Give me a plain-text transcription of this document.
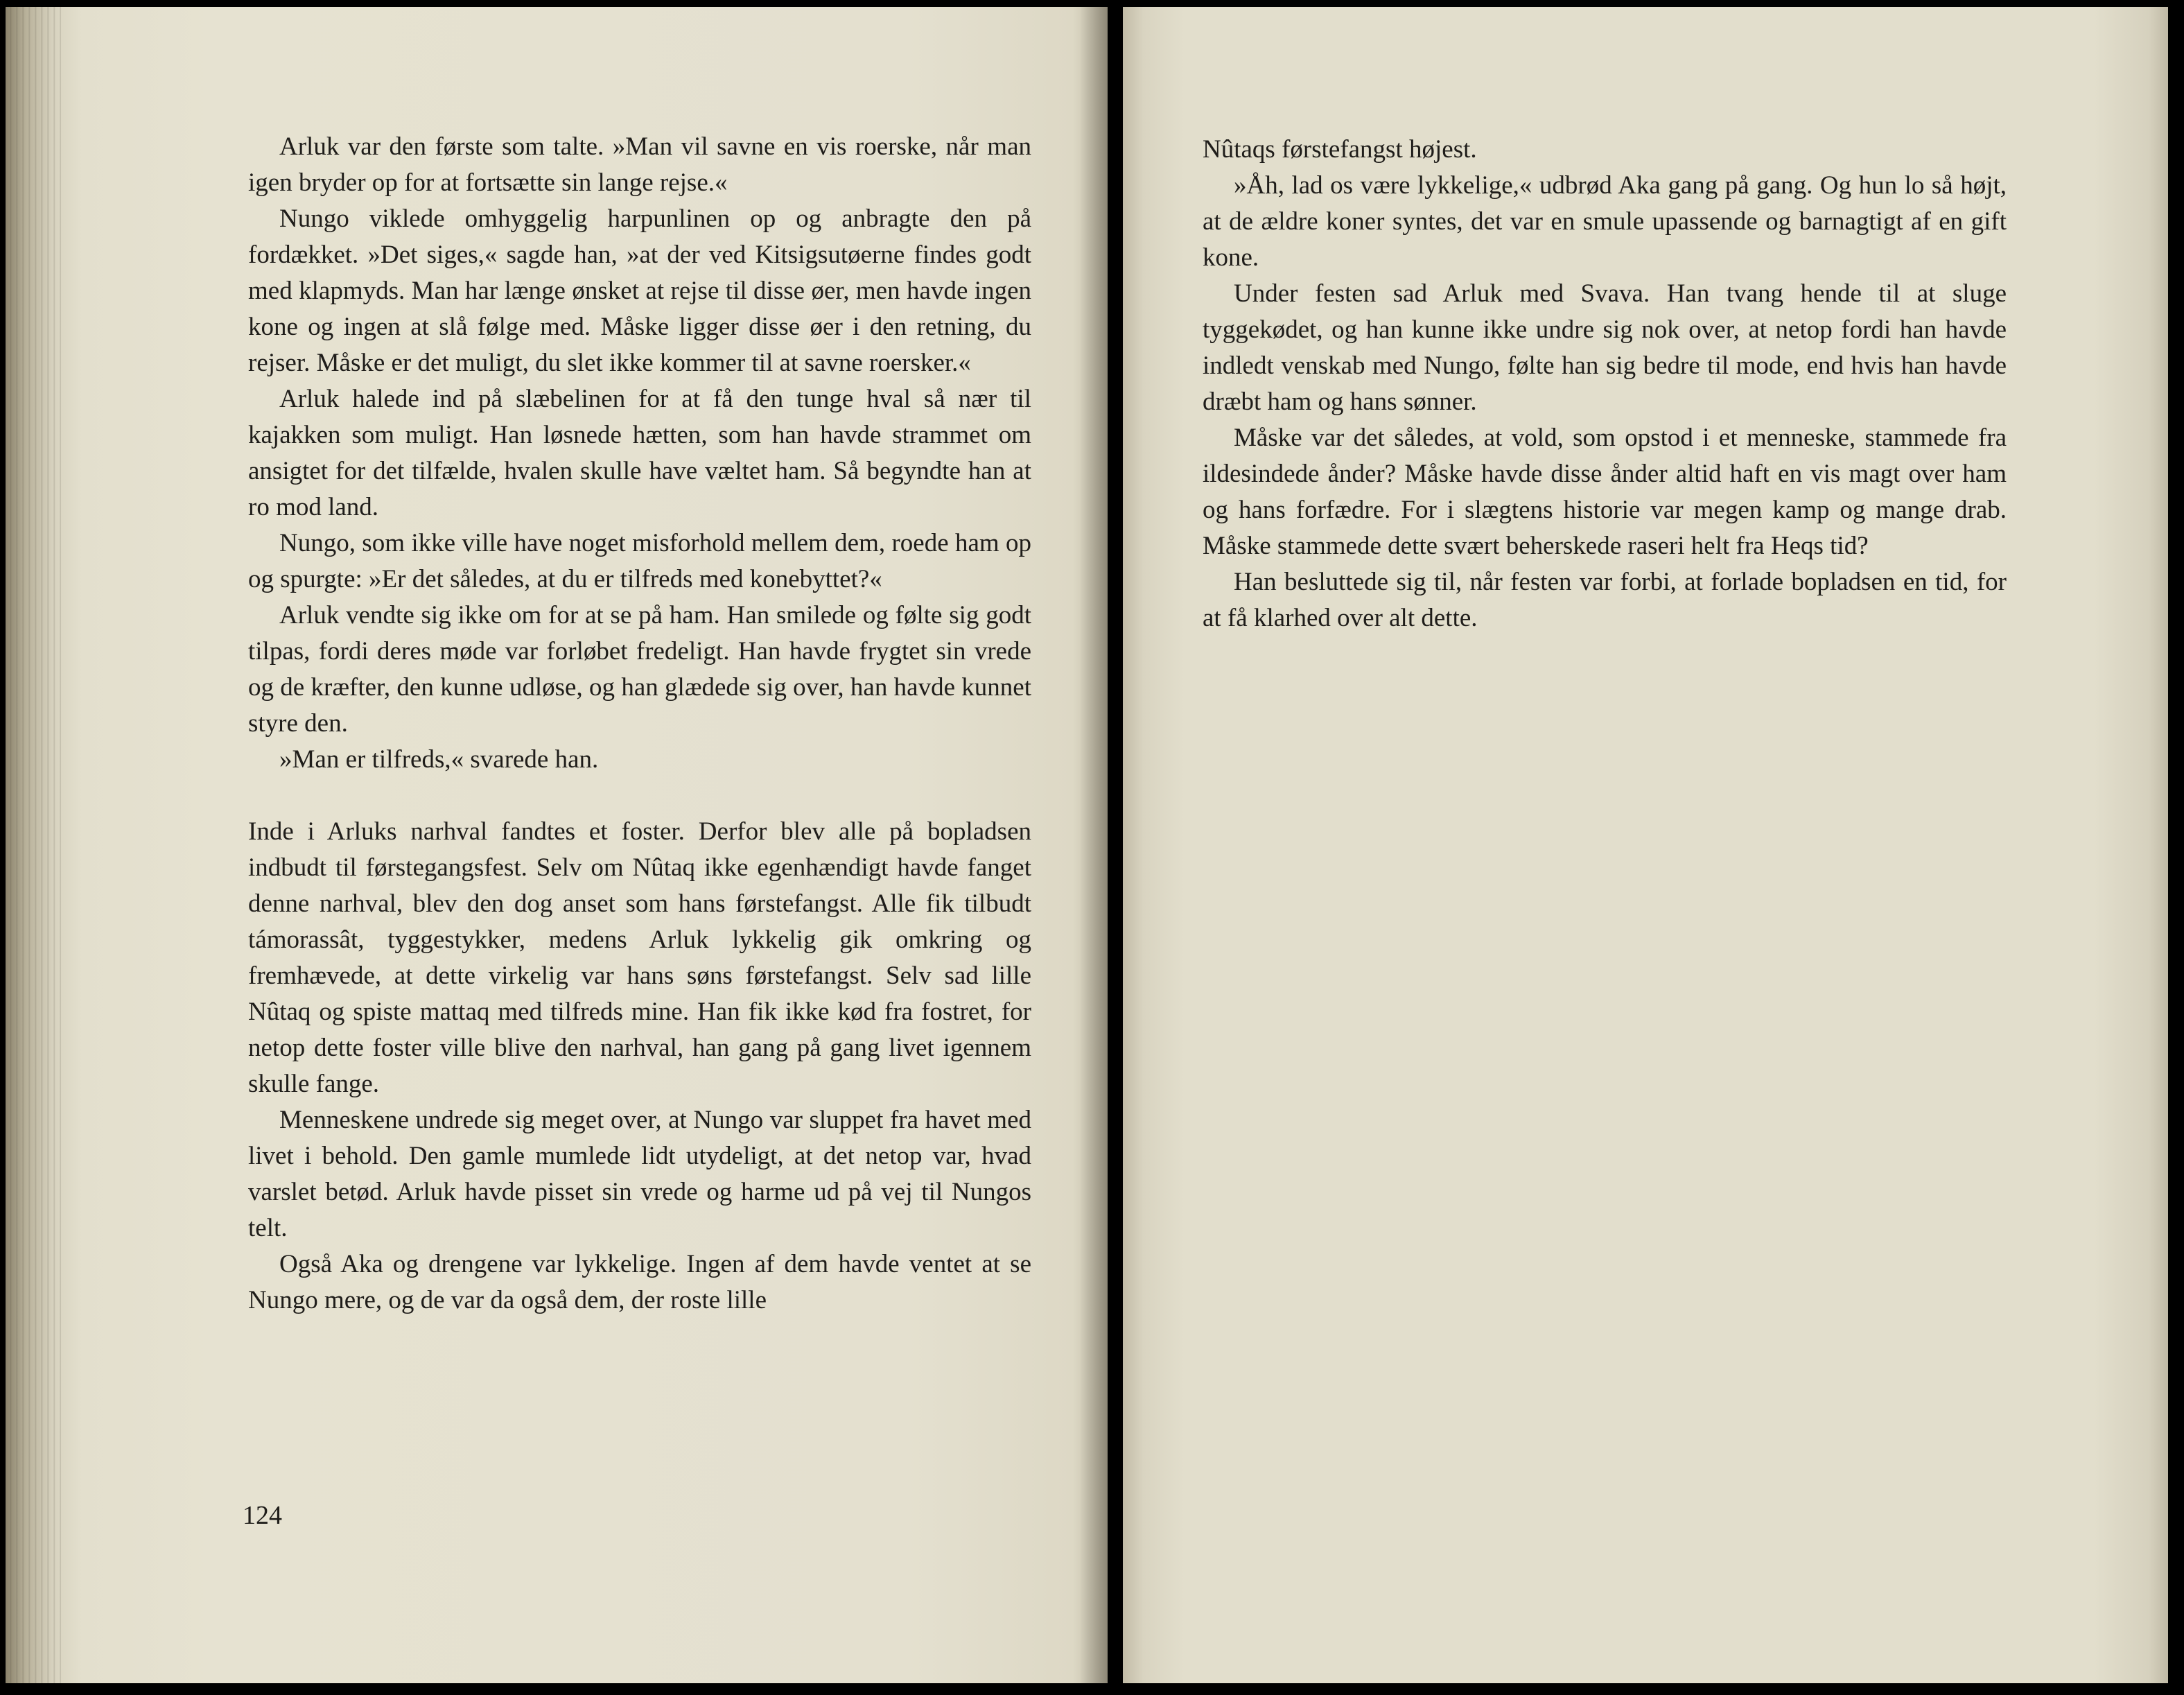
Arluk var den første som talte. »Man vil savne en vis roerske, når man igen bryder op for at fortsætte sin lange rejse.«

Nungo viklede omhyggelig harpunlinen op og anbragte den på fordækket. »Det siges,« sagde han, »at der ved Kitsigsutøerne findes godt med klapmyds. Man har længe ønsket at rejse til disse øer, men havde ingen kone og ingen at slå følge med. Måske ligger disse øer i den retning, du rejser. Måske er det muligt, du slet ikke kommer til at savne roersker.«

Arluk halede ind på slæbelinen for at få den tunge hval så nær til kajakken som muligt. Han løsnede hætten, som han havde strammet om ansigtet for det tilfælde, hvalen skulle have væltet ham. Så begyndte han at ro mod land.

Nungo, som ikke ville have noget misforhold mellem dem, roede ham op og spurgte: »Er det således, at du er tilfreds med konebyttet?«

Arluk vendte sig ikke om for at se på ham. Han smilede og følte sig godt tilpas, fordi deres møde var forløbet fredeligt. Han havde frygtet sin vrede og de kræfter, den kunne udløse, og han glædede sig over, han havde kunnet styre den.

»Man er tilfreds,« svarede han.

Inde i Arluks narhval fandtes et foster. Derfor blev alle på bopladsen indbudt til førstegangsfest. Selv om Nûtaq ikke egenhændigt havde fanget denne narhval, blev den dog anset som hans førstefangst. Alle fik tilbudt támorassât, tyggestykker, medens Arluk lykkelig gik omkring og fremhævede, at dette virkelig var hans søns førstefangst. Selv sad lille Nûtaq og spiste mattaq med tilfreds mine. Han fik ikke kød fra fostret, for netop dette foster ville blive den narhval, han gang på gang livet igennem skulle fange.

Menneskene undrede sig meget over, at Nungo var sluppet fra havet med livet i behold. Den gamle mumlede lidt utydeligt, at det netop var, hvad varslet betød. Arluk havde pisset sin vrede og harme ud på vej til Nungos telt.

Også Aka og drengene var lykkelige. Ingen af dem havde ventet at se Nungo mere, og de var da også dem, der roste lille

124

Nûtaqs førstefangst højest.

»Åh, lad os være lykkelige,« udbrød Aka gang på gang. Og hun lo så højt, at de ældre koner syntes, det var en smule upassende og barnagtigt af en gift kone.

Under festen sad Arluk med Svava. Han tvang hende til at sluge tyggekødet, og han kunne ikke undre sig nok over, at netop fordi han havde indledt venskab med Nungo, følte han sig bedre til mode, end hvis han havde dræbt ham og hans sønner.

Måske var det således, at vold, som opstod i et menneske, stammede fra ildesindede ånder? Måske havde disse ånder altid haft en vis magt over ham og hans forfædre. For i slægtens historie var megen kamp og mange drab. Måske stammede dette svært beherskede raseri helt fra Heqs tid?

Han besluttede sig til, når festen var forbi, at forlade bopladsen en tid, for at få klarhed over alt dette.
